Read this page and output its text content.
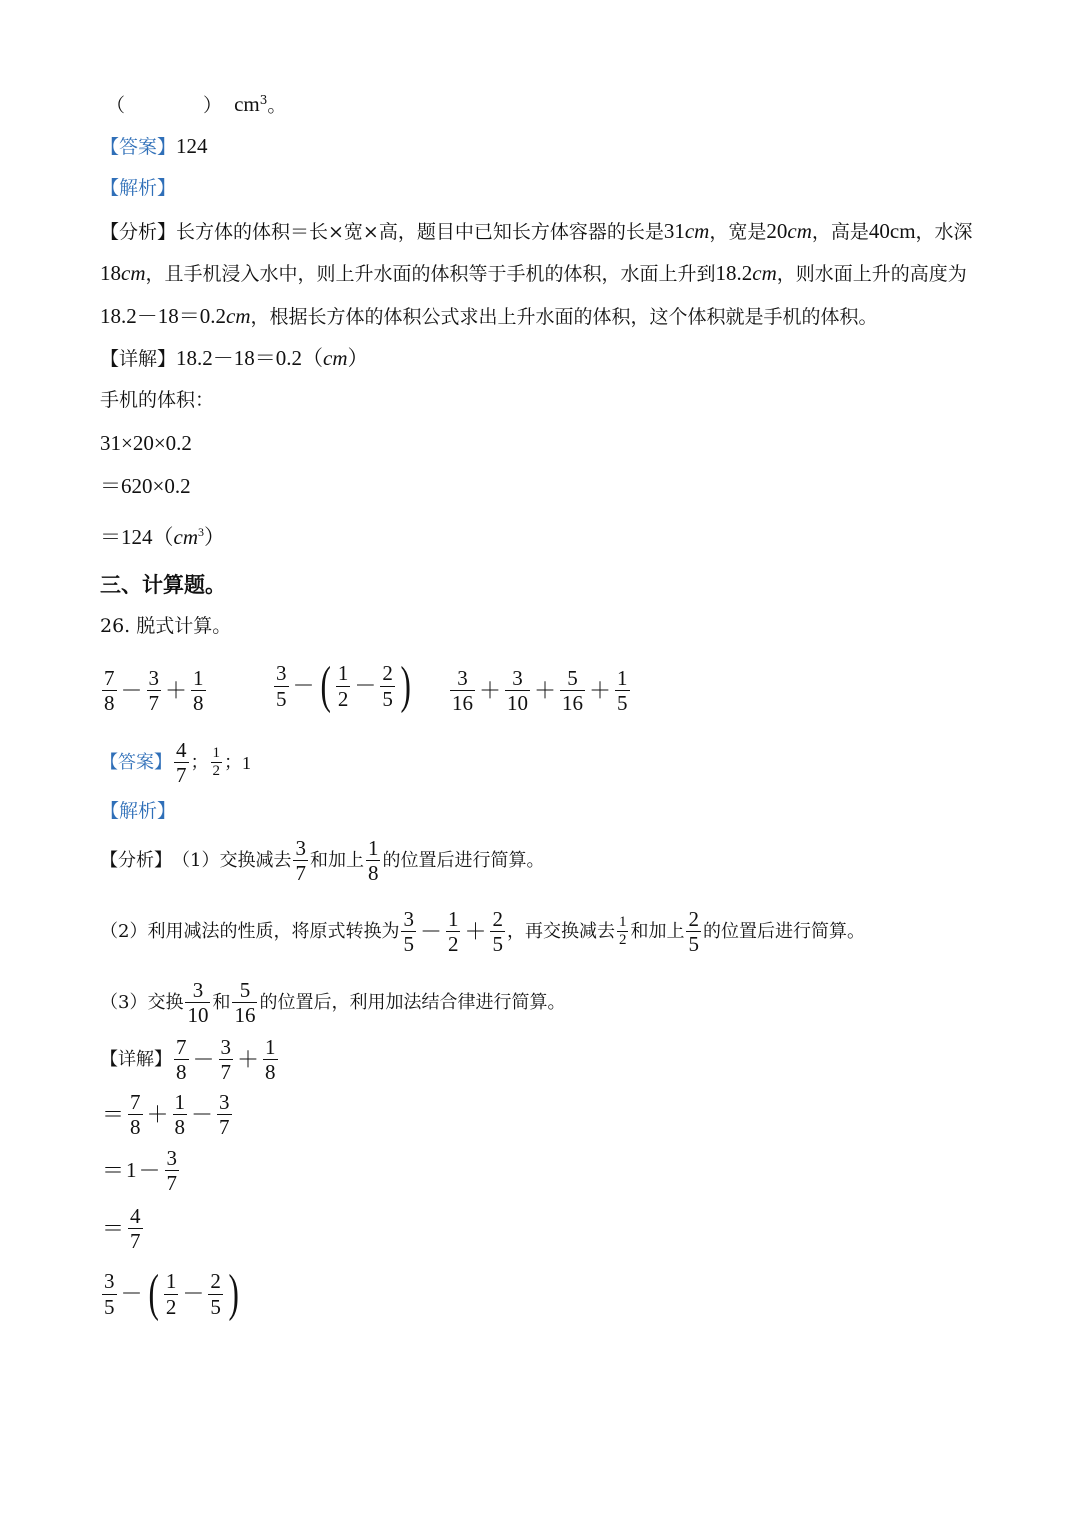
（	） $cm^3$。
【答案】124
【解析】
【分析】长方体的体积＝长×宽×高，题目中已知长方体容器的长是31cm，宽是20cm，高是40cm，水深
18cm，且手机浸入水中，则上升水面的体积等于手机的体积，水面上升到18.2cm，则水面上升的高度为
18.2－18＝0.2cm，根据长方体的体积公式求出上升水面的体积，这个体积就是手机的体积。
【详解】18.2－18＝0.2（cm）
手机的体积：
31×20×0.2
＝620×0.2
$=124(cm^3)$
三、计算题。
26. 脱式计算。
$\frac{7}{8} - \frac{3}{7} + \frac{1}{8}$	$\frac{3}{5}$ － ( $\frac{1}{2} - \frac{2}{5}$ ) $\frac{3}{16} + \frac{3}{10} + \frac{5}{16} + \frac{1}{5}$
【答案】 $\frac{4}{7}$ ； $\frac{1}{2}$ ； 1
【解析】
【分析】 （1）交换减去 $\frac{3}{7}$ 和加上 $\frac{1}{8}$ 的位置后进行简算。
（2）利用减法的性质，将原式转换为 $\frac{3}{5} - \frac{1}{2} + \frac{2}{5}$ ，再交换减去 $\frac{1}{2}$ 和加上 $\frac{2}{5}$ 的位置后进行简算。
（3）交换 $\frac{3}{10}$ 和 $\frac{5}{16}$ 的位置后，利用加法结合律进行简算。
【详解】 $\frac{7}{8} - \frac{3}{7} + \frac{1}{8}$
＝ $\frac{7}{8} + \frac{1}{8} - \frac{3}{7}$
＝ $1 - \frac{3}{7}$
＝ $\frac{4}{7}$
$\frac{3}{5}$ － ( $\frac{1}{2} - \frac{2}{5}$ )
